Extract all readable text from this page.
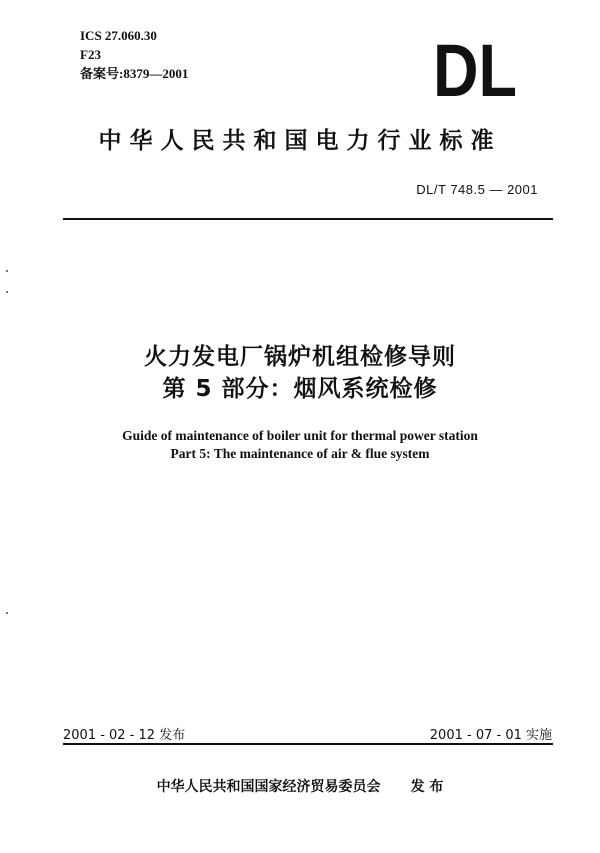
ICS 27.060.30
F23
备案号:8379—2001	DL
中华人民共和国电力行业标准
DL/T 748.5 — 2001
火力发电厂锅炉机组检修导则
第 5 部分：烟风系统检修
Guide of maintenance of boiler unit for thermal power station
Part 5: The maintenance of air & flue system
2001 - 02 - 12 发布	2001 - 07 - 01 实施
中华人民共和国国家经济贸易委员会 发 布
